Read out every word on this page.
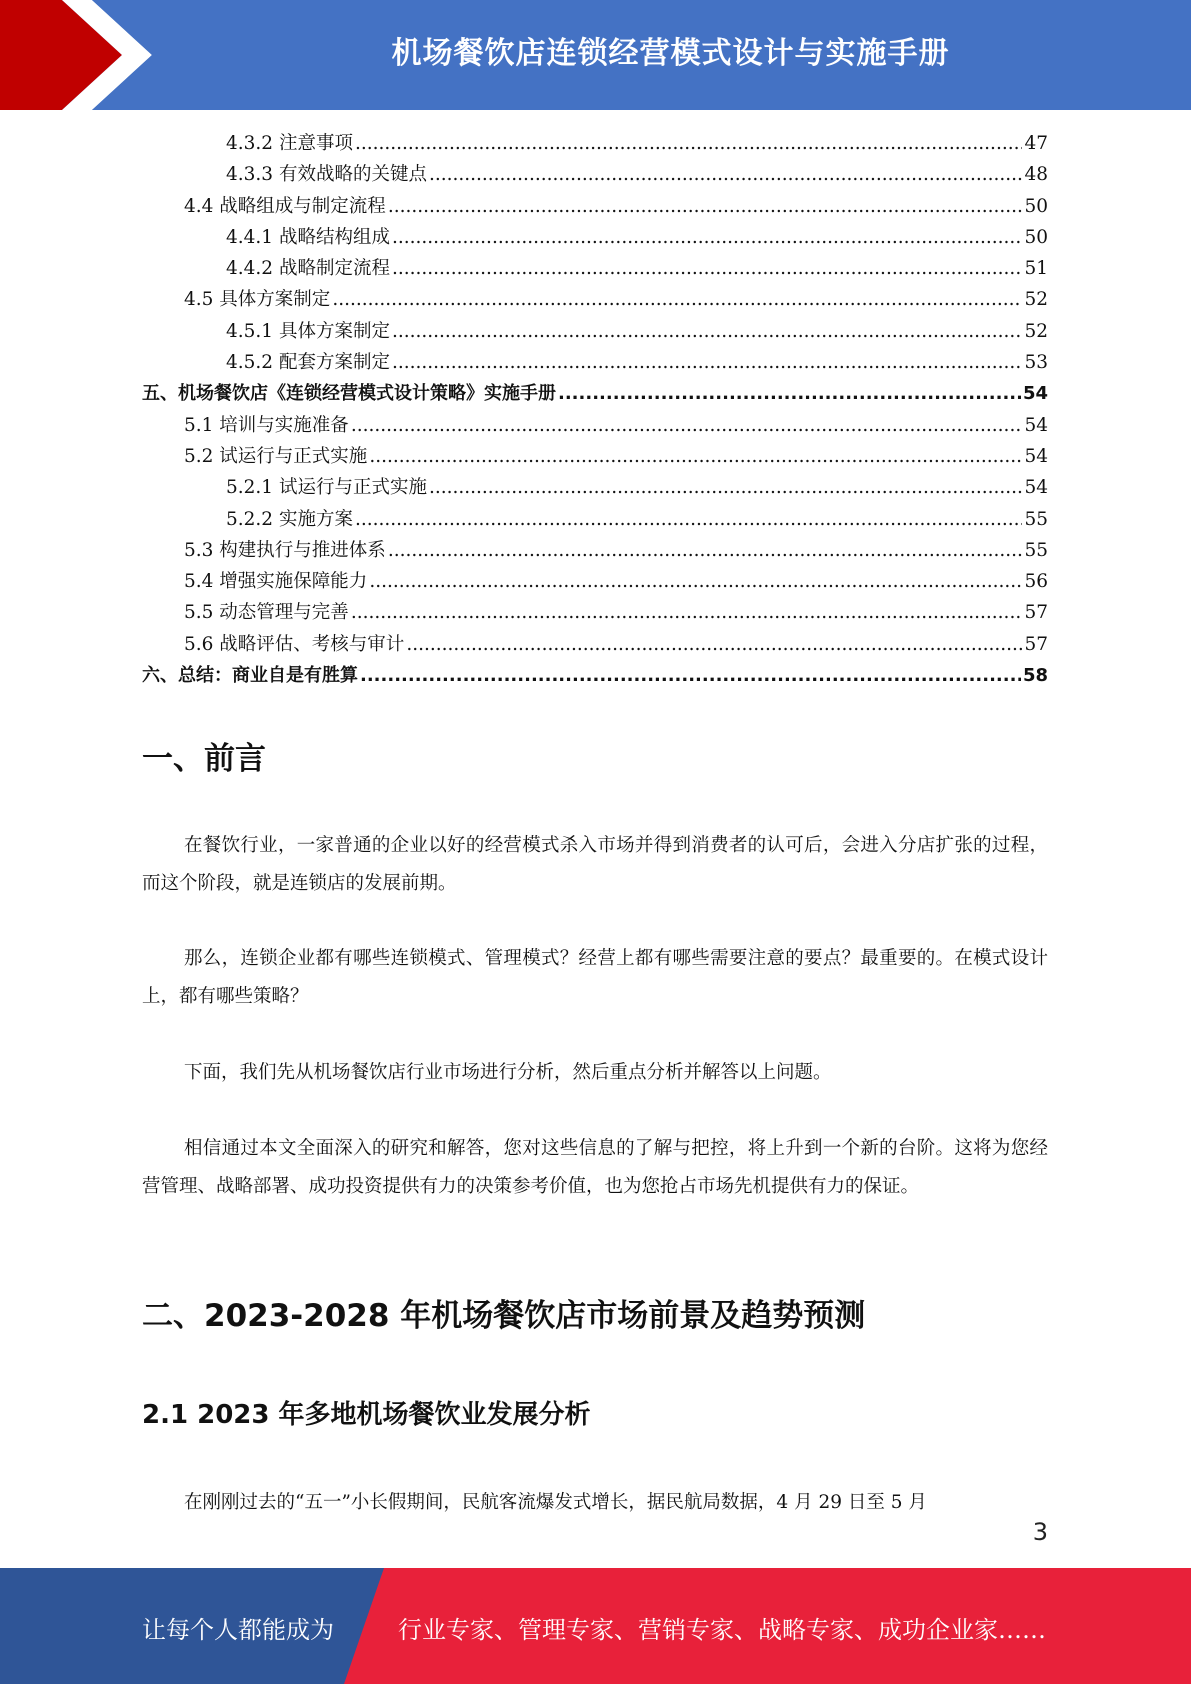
机场餐饮店连锁经营模式设计与实施手册
4.3.2 注意事项 .....	47
4.3.3 有效战略的关键点 .....	48
4.4 战略组成与制定流程 .....	50
4.4.1 战略结构组成 .....	50
4.4.2 战略制定流程 .....	51
4.5 具体方案制定 .....	52
4.5.1 具体方案制定 .....	52
4.5.2 配套方案制定 .....	53
五、机场餐饮店《连锁经营模式设计策略》实施手册 .....	54
5.1 培训与实施准备 .....	54
5.2 试运行与正式实施 .....	54
5.2.1 试运行与正式实施 .....	54
5.2.2 实施方案 .....	55
5.3 构建执行与推进体系 .....	55
5.4 增强实施保障能力 .....	56
5.5 动态管理与完善 .....	57
5.6 战略评估、考核与审计 .....	57
六、总结：商业自是有胜算 .....	58
一、前言

在餐饮行业，一家普通的企业以好的经营模式杀入市场并得到消费者的认可后，会进入分店扩张的过程，而这个阶段，就是连锁店的发展前期。

那么，连锁企业都有哪些连锁模式、管理模式？经营上都有哪些需要注意的要点？最重要的。在模式设计上，都有哪些策略？

下面，我们先从机场餐饮店行业市场进行分析，然后重点分析并解答以上问题。

相信通过本文全面深入的研究和解答，您对这些信息的了解与把控，将上升到一个新的台阶。这将为您经营管理、战略部署、成功投资提供有力的决策参考价值，也为您抢占市场先机提供有力的保证。

二、2023-2028 年机场餐饮店市场前景及趋势预测
2.1 2023 年多地机场餐饮业发展分析

在刚刚过去的“五一”小长假期间，民航客流爆发式增长，据民航局数据，4 月 29 日至 5 月

3
让每个人都能成为	行业专家、管理专家、营销专家、战略专家、成功企业家……
